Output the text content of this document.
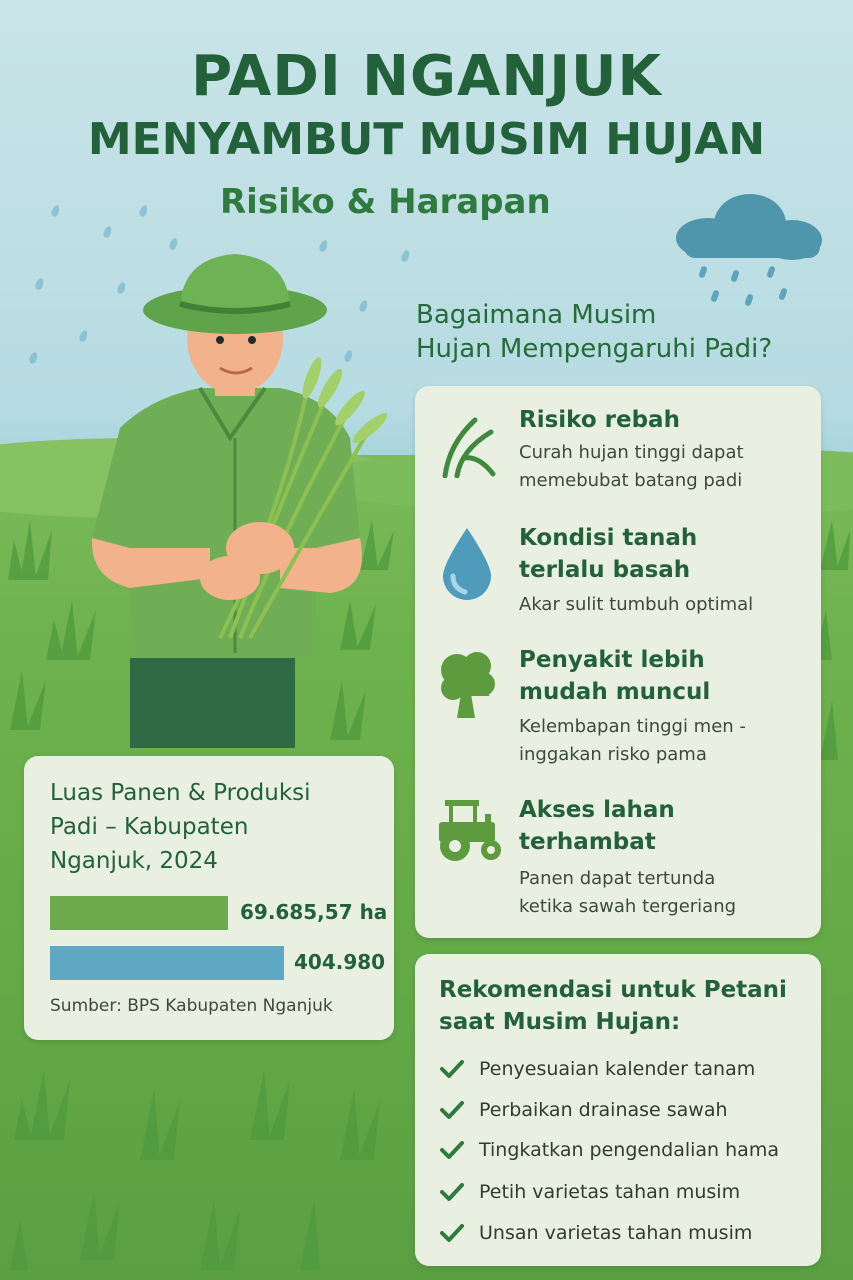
PADI NGANJUK
MENYAMBUT MUSIM HUJAN
Risiko & Harapan
Bagaimana Musim
Hujan Mempengaruhi Padi?
Risiko rebah
Curah hujan tinggi dapat
memebubat batang padi
Kondisi tanah
terlalu basah
Akar sulit tumbuh optimal
Penyakit lebih
mudah muncul
Kelembapan tinggi men -
inggakan risko pama
Akses lahan
terhambat
Panen dapat tertunda
ketika sawah tergeriang
Luas Panen & Produksi
Padi – Kabupaten
Nganjuk, 2024
69.685,57 ha
404.980
Sumber: BPS Kabupaten Nganjuk
Rekomendasi untuk Petani
saat Musim Hujan:
Penyesuaian kalender tanam
Perbaikan drainase sawah
Tingkatkan pengendalian hama
Petih varietas tahan musim
Unsan varietas tahan musim
